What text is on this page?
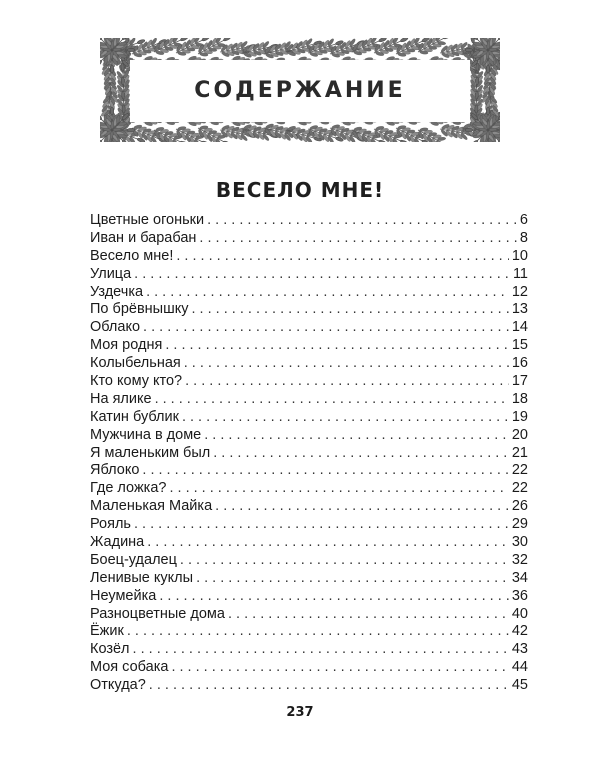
СОДЕРЖАНИЕ
ВЕСЕЛО МНЕ!
Цветные огоньки . . .	6
Иван и барабан . . .	8
Весело мне! . . .	10
Улица . . .	11
Уздечка . . .	12
По брёвнышку . . .	13
Облако . . .	14
Моя родня . . .	15
Колыбельная . . .	16
Кто кому кто? . . .	17
На ялике . . .	18
Катин бублик . . .	19
Мужчина в доме . . .	20
Я маленьким был . . .	21
Яблоко . . .	22
Где ложка? . . .	22
Маленькая Майка . . .	26
Рояль . . .	29
Жадина . . .	30
Боец-удалец . . .	32
Ленивые куклы . . .	34
Неумейка . . .	36
Разноцветные дома . . .	40
Ёжик . . .	42
Козёл . . .	43
Моя собака . . .	44
Откуда? . . .	45
237
